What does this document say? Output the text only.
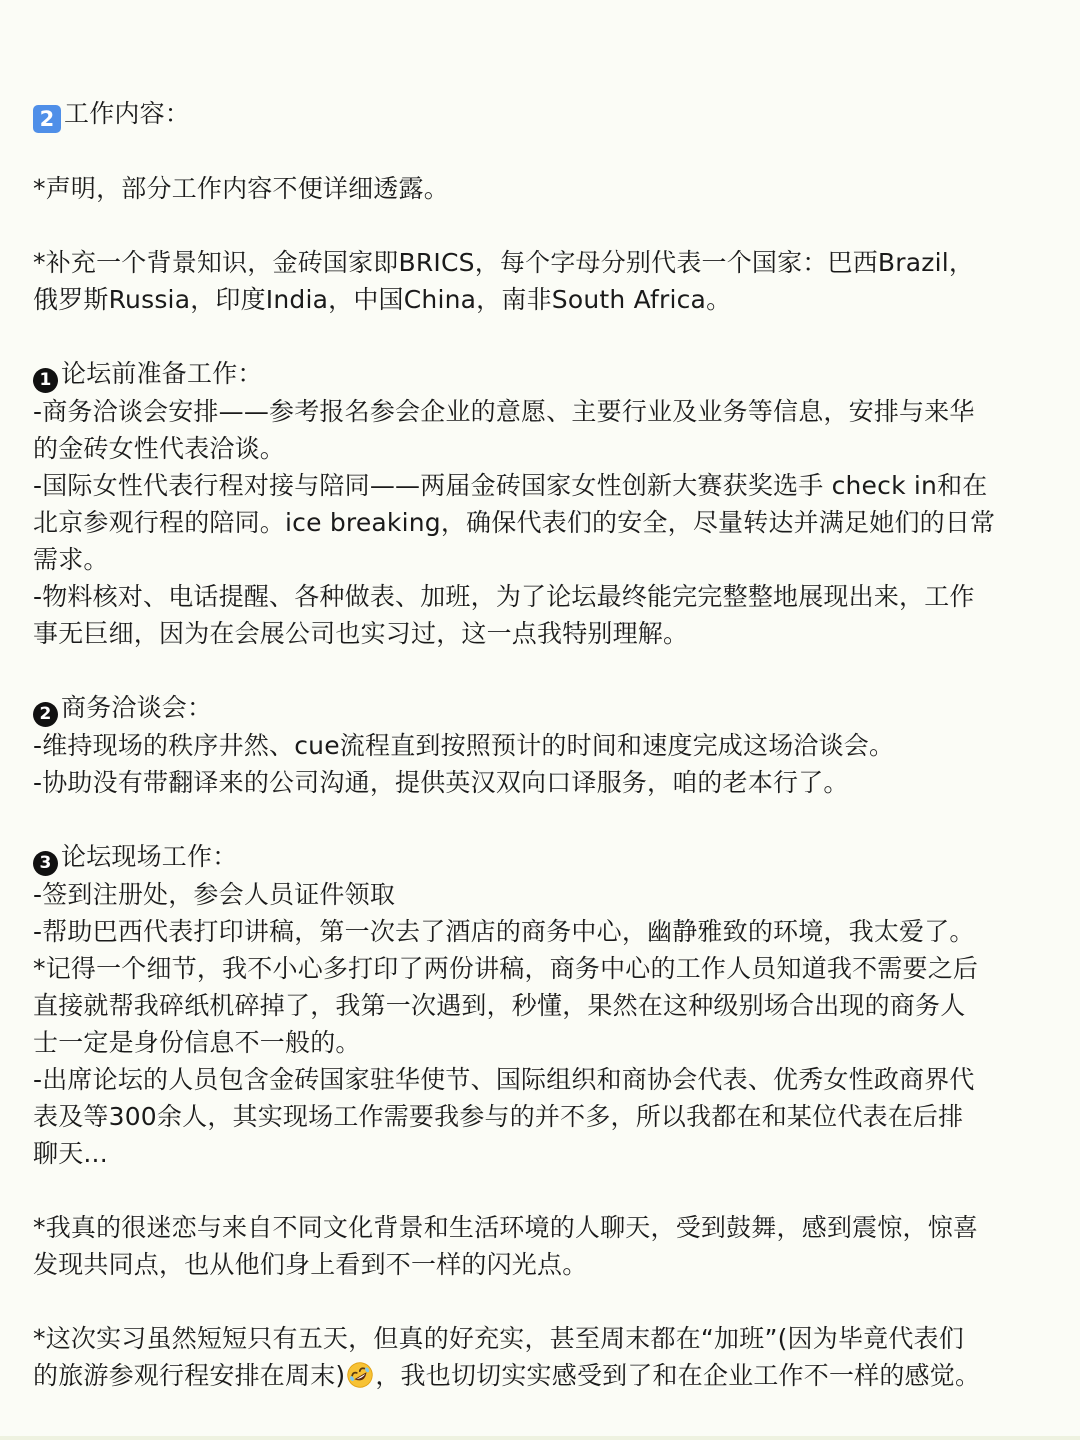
2 工作内容：
*声明，部分工作内容不便详细透露。
*补充一个背景知识，金砖国家即BRICS，每个字母分别代表一个国家：巴西Brazil，
俄罗斯Russia，印度India，中国China，南非South Africa。
1 论坛前准备工作：
-商务洽谈会安排——参考报名参会企业的意愿、主要行业及业务等信息，安排与来华
的金砖女性代表洽谈。
-国际女性代表行程对接与陪同——两届金砖国家女性创新大赛获奖选手 check in和在
北京参观行程的陪同。ice breaking，确保代表们的安全，尽量转达并满足她们的日常
需求。
-物料核对、电话提醒、各种做表、加班，为了论坛最终能完完整整地展现出来，工作
事无巨细，因为在会展公司也实习过，这一点我特别理解。
2 商务洽谈会：
-维持现场的秩序井然、cue流程直到按照预计的时间和速度完成这场洽谈会。
-协助没有带翻译来的公司沟通，提供英汉双向口译服务，咱的老本行了。
3 论坛现场工作：
-签到注册处，参会人员证件领取
-帮助巴西代表打印讲稿，第一次去了酒店的商务中心，幽静雅致的环境，我太爱了。
*记得一个细节，我不小心多打印了两份讲稿，商务中心的工作人员知道我不需要之后
直接就帮我碎纸机碎掉了，我第一次遇到，秒懂，果然在这种级别场合出现的商务人
士一定是身份信息不一般的。
-出席论坛的人员包含金砖国家驻华使节、国际组织和商协会代表、优秀女性政商界代
表及等300余人，其实现场工作需要我参与的并不多，所以我都在和某位代表在后排
聊天...
*我真的很迷恋与来自不同文化背景和生活环境的人聊天，受到鼓舞，感到震惊，惊喜
发现共同点，也从他们身上看到不一样的闪光点。
*这次实习虽然短短只有五天，但真的好充实，甚至周末都在“加班”(因为毕竟代表们
的旅游参观行程安排在周末) ，我也切切实实感受到了和在企业工作不一样的感觉。
